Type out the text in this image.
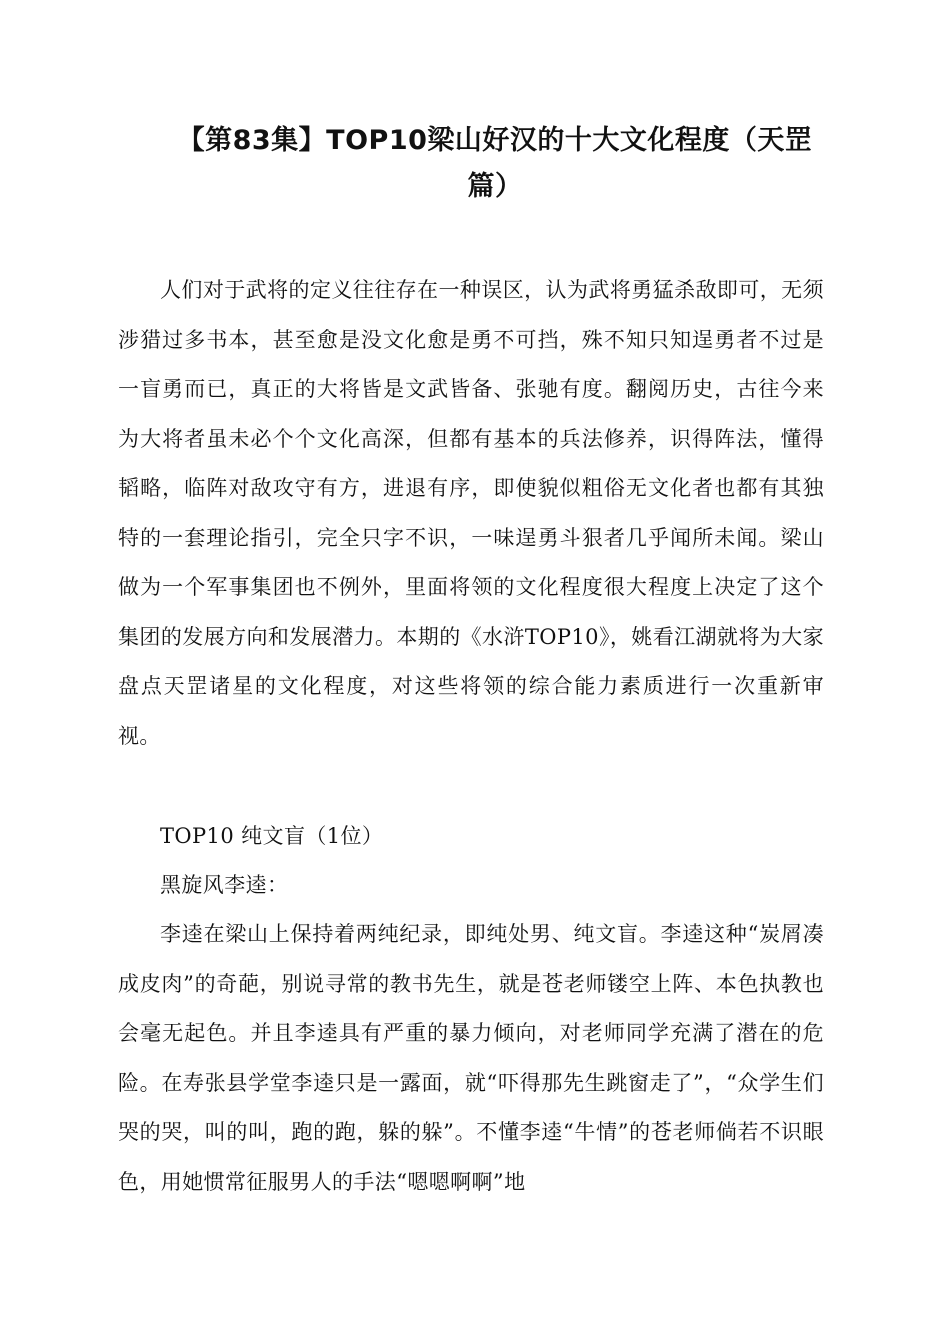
【第83集】TOP10梁山好汉的十大文化程度（天罡篇）

人们对于武将的定义往往存在一种误区，认为武将勇猛杀敌即可，无须涉猎过多书本，甚至愈是没文化愈是勇不可挡，殊不知只知逞勇者不过是一盲勇而已，真正的大将皆是文武皆备、张驰有度。翻阅历史，古往今来为大将者虽未必个个文化高深，但都有基本的兵法修养，识得阵法，懂得韬略，临阵对敌攻守有方，进退有序，即使貌似粗俗无文化者也都有其独特的一套理论指引，完全只字不识，一味逞勇斗狠者几乎闻所未闻。梁山做为一个军事集团也不例外，里面将领的文化程度很大程度上决定了这个集团的发展方向和发展潜力。本期的《水浒TOP10》，姚看江湖就将为大家盘点天罡诸星的文化程度，对这些将领的综合能力素质进行一次重新审视。

TOP10 纯文盲（1位）

黑旋风李逵：

李逵在梁山上保持着两纯纪录，即纯处男、纯文盲。李逵这种“炭屑凑成皮肉”的奇葩，别说寻常的教书先生，就是苍老师镂空上阵、本色执教也会毫无起色。并且李逵具有严重的暴力倾向，对老师同学充满了潜在的危险。在寿张县学堂李逵只是一露面，就“吓得那先生跳窗走了”，“众学生们哭的哭，叫的叫，跑的跑，躲的躲”。不懂李逵“牛情”的苍老师倘若不识眼色，用她惯常征服男人的手法“嗯嗯啊啊”地
